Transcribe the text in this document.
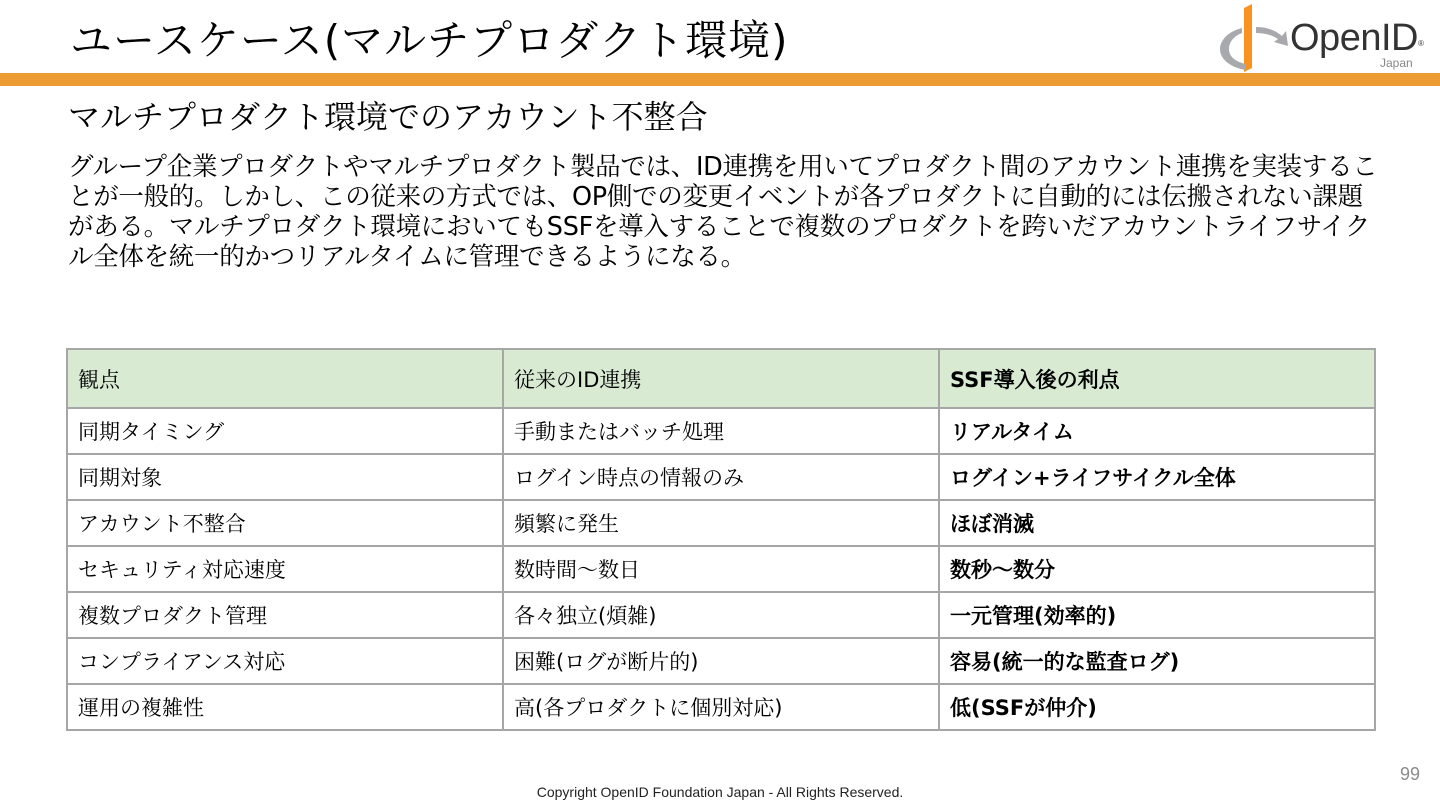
ユースケース(マルチプロダクト環境)	OpenID®
Japan
マルチプロダクト環境でのアカウント不整合

グループ企業プロダクトやマルチプロダクト製品では、ID連携を用いてプロダクト間のアカウント連携を実装することが一般的。しかし、この従来の方式では、OP側での変更イベントが各プロダクトに自動的には伝搬されない課題がある。マルチプロダクト環境においてもSSFを導入することで複数のプロダクトを跨いだアカウントライフサイクル全体を統一的かつリアルタイムに管理できるようになる。

観点	従来のID連携	SSF導入後の利点
同期タイミング	手動またはバッチ処理	リアルタイム
同期対象	ログイン時点の情報のみ	ログイン+ライフサイクル全体
アカウント不整合	頻繁に発生	ほぼ消滅
セキュリティ対応速度	数時間〜数日	数秒〜数分
複数プロダクト管理	各々独立(煩雑)	一元管理(効率的)
コンプライアンス対応	困難(ログが断片的)	容易(統一的な監査ログ)
運用の複雑性	高(各プロダクトに個別対応)	低(SSFが仲介)
99
Copyright OpenID Foundation Japan - All Rights Reserved.
